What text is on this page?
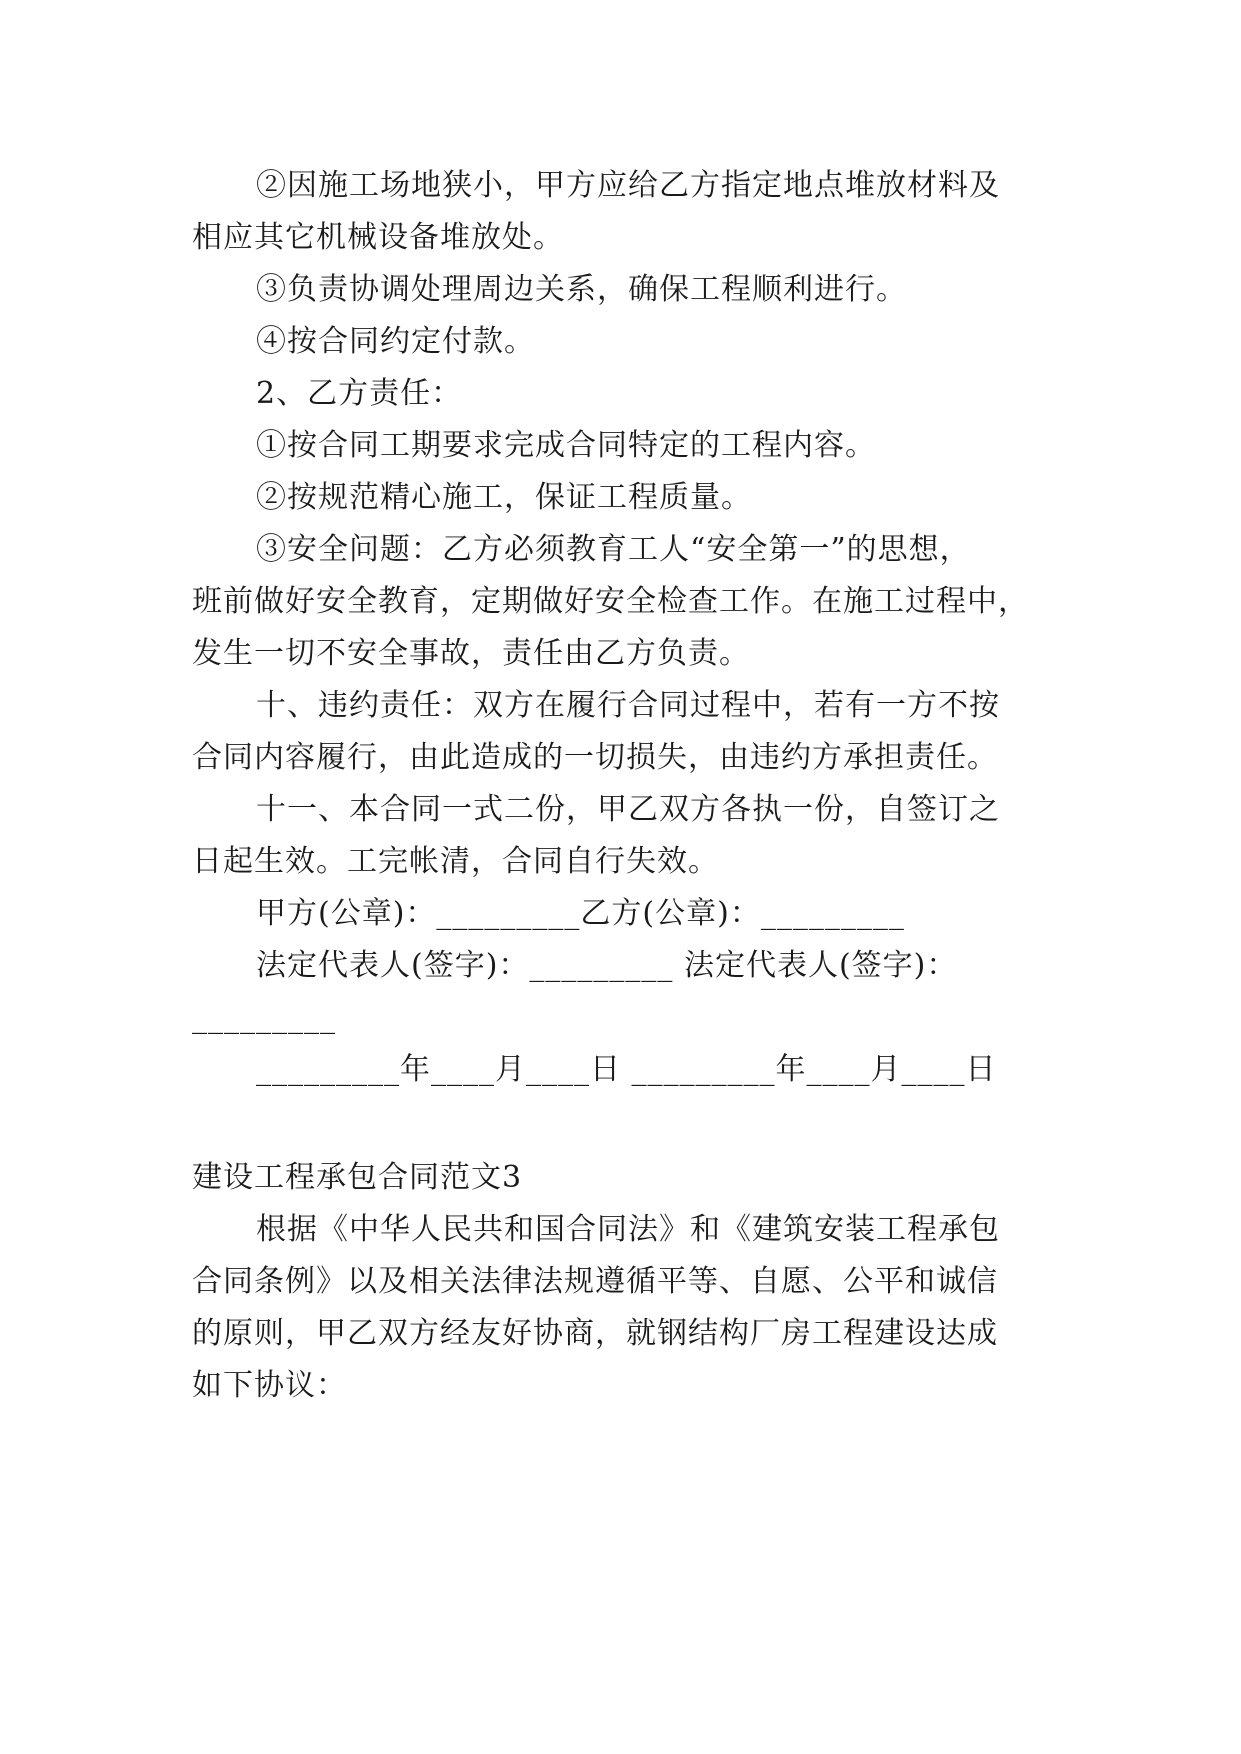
②因施工场地狭小，甲方应给乙方指定地点堆放材料及
相应其它机械设备堆放处。
③负责协调处理周边关系，确保工程顺利进行。
④按合同约定付款。
2、乙方责任：
①按合同工期要求完成合同特定的工程内容。
②按规范精心施工，保证工程质量。
③安全问题：乙方必须教育工人“安全第一”的思想，
班前做好安全教育，定期做好安全检查工作。在施工过程中，
发生一切不安全事故，责任由乙方负责。
十、违约责任：双方在履行合同过程中，若有一方不按
合同内容履行，由此造成的一切损失，由违约方承担责任。
十一、本合同一式二份，甲乙双方各执一份，自签订之
日起生效。工完帐清，合同自行失效。
甲方(公章)：_________乙方(公章)：_________
法定代表人(签字)：_________ 法定代表人(签字)：
_________
_________年____月____日 _________年____月____日
建设工程承包合同范文3
根据《中华人民共和国合同法》和《建筑安装工程承包
合同条例》以及相关法律法规遵循平等、自愿、公平和诚信
的原则，甲乙双方经友好协商，就钢结构厂房工程建设达成
如下协议：
